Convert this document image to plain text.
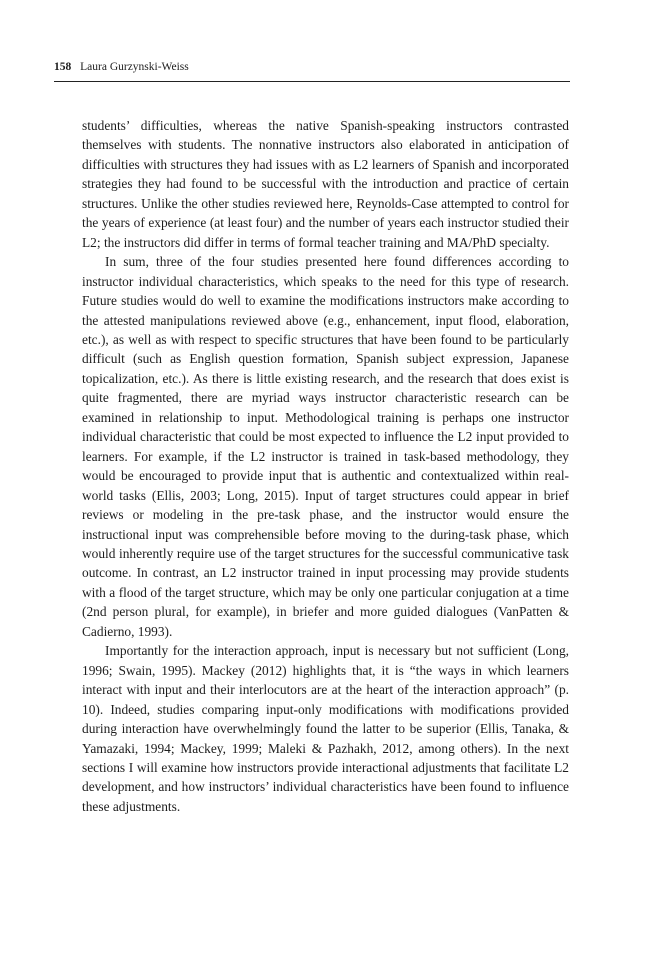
158 Laura Gurzynski-Weiss

students’ difficulties, whereas the native Spanish-speaking instructors contrasted themselves with students. The nonnative instructors also elaborated in anticipation of difficulties with structures they had issues with as L2 learners of Spanish and incorporated strategies they had found to be successful with the introduction and practice of certain structures. Unlike the other studies reviewed here, Reynolds-Case attempted to control for the years of experience (at least four) and the number of years each instructor studied their L2; the instructors did differ in terms of formal teacher training and MA/PhD specialty.

In sum, three of the four studies presented here found differences according to instructor individual characteristics, which speaks to the need for this type of research. Future studies would do well to examine the modifications instructors make according to the attested manipulations reviewed above (e.g., enhancement, input flood, elaboration, etc.), as well as with respect to specific structures that have been found to be particularly difficult (such as English question formation, Spanish subject expression, Japanese topicalization, etc.). As there is little existing research, and the research that does exist is quite fragmented, there are myriad ways instructor characteristic research can be examined in relationship to input. Methodological training is perhaps one instructor individual characteristic that could be most expected to influence the L2 input provided to learners. For example, if the L2 instructor is trained in task-based methodology, they would be encouraged to provide input that is authentic and contextualized within real-world tasks (Ellis, 2003; Long, 2015). Input of target structures could appear in brief reviews or modeling in the pre-task phase, and the instructor would ensure the instructional input was comprehensible before moving to the during-task phase, which would inherently require use of the target structures for the successful communicative task outcome. In contrast, an L2 instructor trained in input processing may provide students with a flood of the target structure, which may be only one particular conjugation at a time (2nd person plural, for example), in briefer and more guided dialogues (VanPatten & Cadierno, 1993).

Importantly for the interaction approach, input is necessary but not sufficient (Long, 1996; Swain, 1995). Mackey (2012) highlights that, it is “the ways in which learners interact with input and their interlocutors are at the heart of the interaction approach” (p. 10). Indeed, studies comparing input-only modifications with modifications provided during interaction have overwhelmingly found the latter to be superior (Ellis, Tanaka, & Yamazaki, 1994; Mackey, 1999; Maleki & Pazhakh, 2012, among others). In the next sections I will examine how instructors provide interactional adjustments that facilitate L2 development, and how instructors’ individual characteristics have been found to influence these adjustments.
